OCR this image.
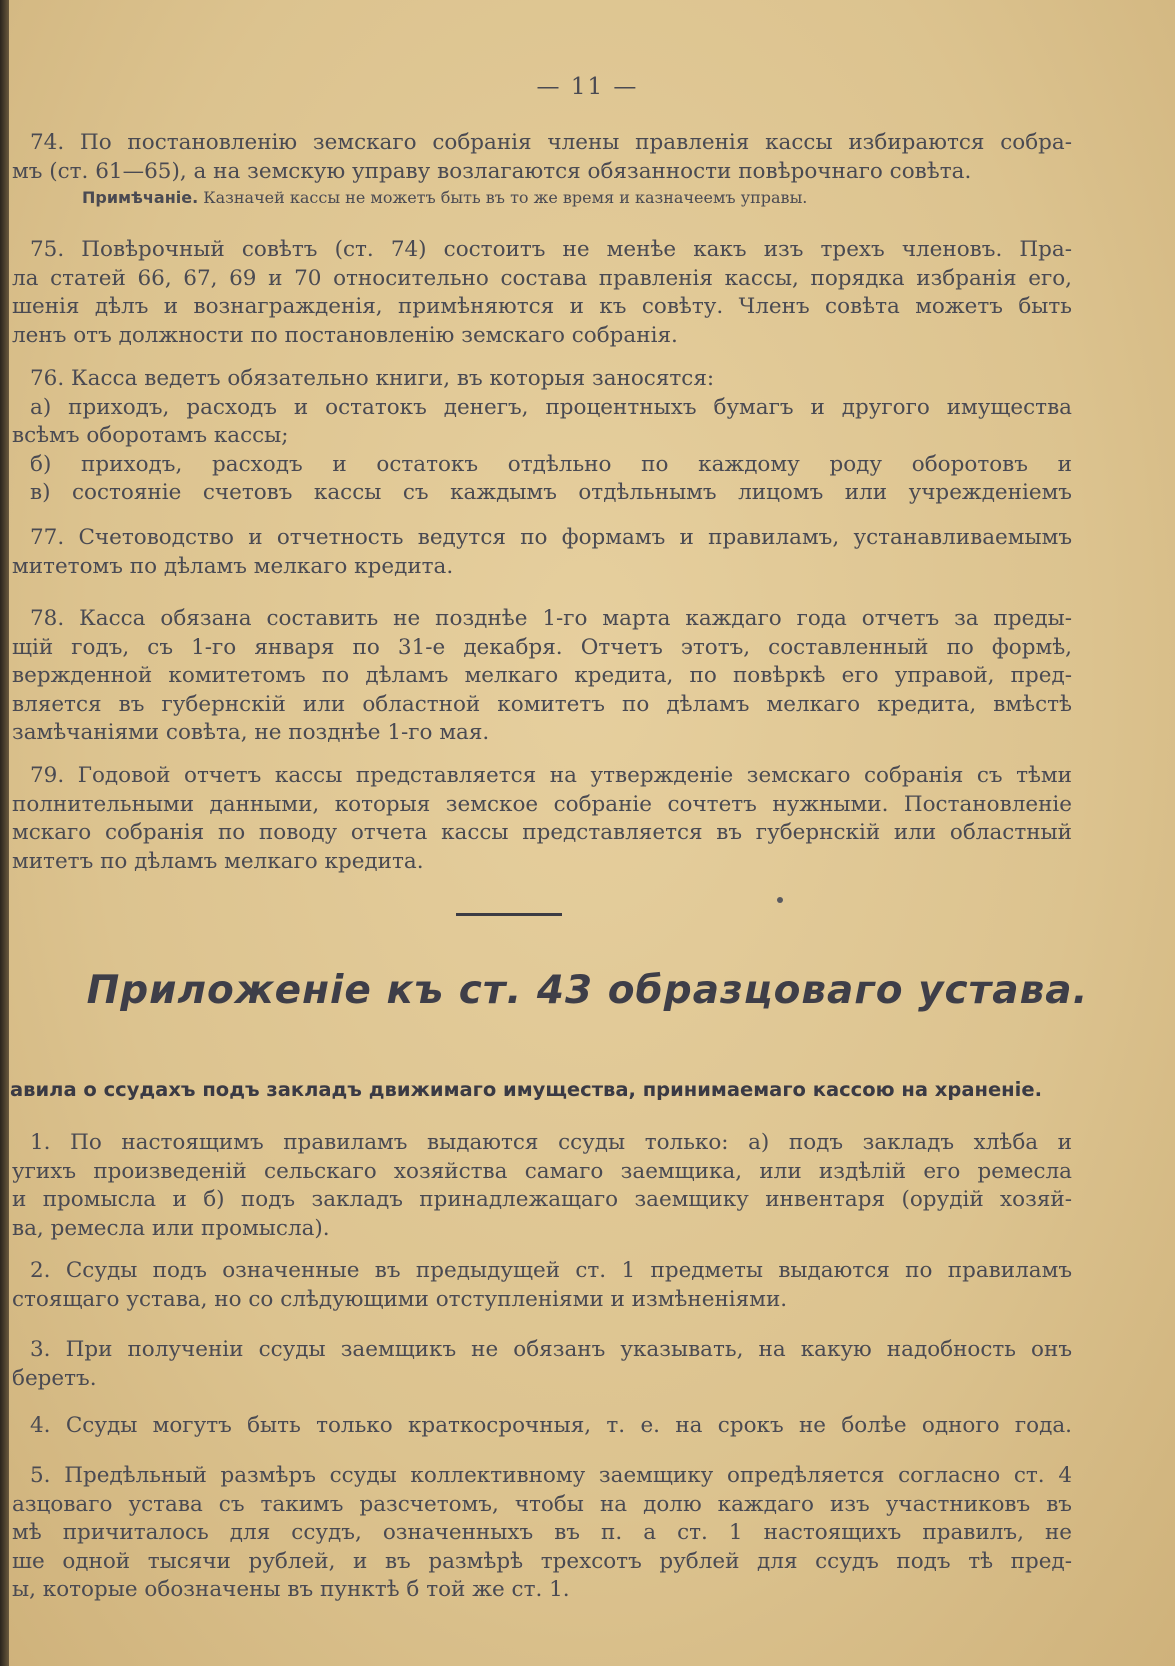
— 11 —
74. По постановленію земскаго собранія члены правленія кассы избираются собра-
мъ (ст. 61—65), а на земскую управу возлагаются обязанности повѣрочнаго совѣта.
Примѣчаніе. Казначей кассы не можетъ быть въ то же время и казначеемъ управы.
75. Повѣрочный совѣтъ (ст. 74) состоитъ не менѣе какъ изъ трехъ членовъ. Пра-
ла статей 66, 67, 69 и 70 относительно состава правленія кассы, порядка избранія его,
шенія дѣлъ и вознагражденія, примѣняются и къ совѣту. Членъ совѣта можетъ быть
ленъ отъ должности по постановленію земскаго собранія.
76. Касса ведетъ обязательно книги, въ которыя заносятся:
а) приходъ, расходъ и остатокъ денегъ, процентныхъ бумагъ и другого имущества
всѣмъ оборотамъ кассы;
б) приходъ, расходъ и остатокъ отдѣльно по каждому роду оборотовъ и
в) состояніе счетовъ кассы съ каждымъ отдѣльнымъ лицомъ или учрежденіемъ
77. Счетоводство и отчетность ведутся по формамъ и правиламъ, устанавливаемымъ
митетомъ по дѣламъ мелкаго кредита.
78. Касса обязана составить не позднѣе 1-го марта каждаго года отчетъ за преды-
щій годъ, съ 1-го января по 31-е декабря. Отчетъ этотъ, составленный по формѣ,
вержденной комитетомъ по дѣламъ мелкаго кредита, по повѣркѣ его управой, пред-
вляется въ губернскій или областной комитетъ по дѣламъ мелкаго кредита, вмѣстѣ
замѣчаніями совѣта, не позднѣе 1-го мая.
79. Годовой отчетъ кассы представляется на утвержденіе земскаго собранія съ тѣми
полнительными данными, которыя земское собраніе сочтетъ нужными. Постановленіе
мскаго собранія по поводу отчета кассы представляется въ губернскій или областный
митетъ по дѣламъ мелкаго кредита.
Приложеніе къ ст. 43 образцоваго устава.
авила о ссудахъ подъ закладъ движимаго имущества, принимаемаго кассою на храненіе.
1. По настоящимъ правиламъ выдаются ссуды только: а) подъ закладъ хлѣба и
угихъ произведеній сельскаго хозяйства самаго заемщика, или издѣлій его ремесла
и промысла и б) подъ закладъ принадлежащаго заемщику инвентаря (орудій хозяй-
ва, ремесла или промысла).
2. Ссуды подъ означенные въ предыдущей ст. 1 предметы выдаются по правиламъ
стоящаго устава, но со слѣдующими отступленіями и измѣненіями.
3. При полученіи ссуды заемщикъ не обязанъ указывать, на какую надобность онъ
беретъ.
4. Ссуды могутъ быть только краткосрочныя, т. е. на срокъ не болѣе одного года.
5. Предѣльный размѣръ ссуды коллективному заемщику опредѣляется согласно ст. 4
азцоваго устава съ такимъ разсчетомъ, чтобы на долю каждаго изъ участниковъ въ
мѣ причиталось для ссудъ, означенныхъ въ п. а ст. 1 настоящихъ правилъ, не
ше одной тысячи рублей, и въ размѣрѣ трехсотъ рублей для ссудъ подъ тѣ пред-
ы, которые обозначены въ пунктѣ б той же ст. 1.
